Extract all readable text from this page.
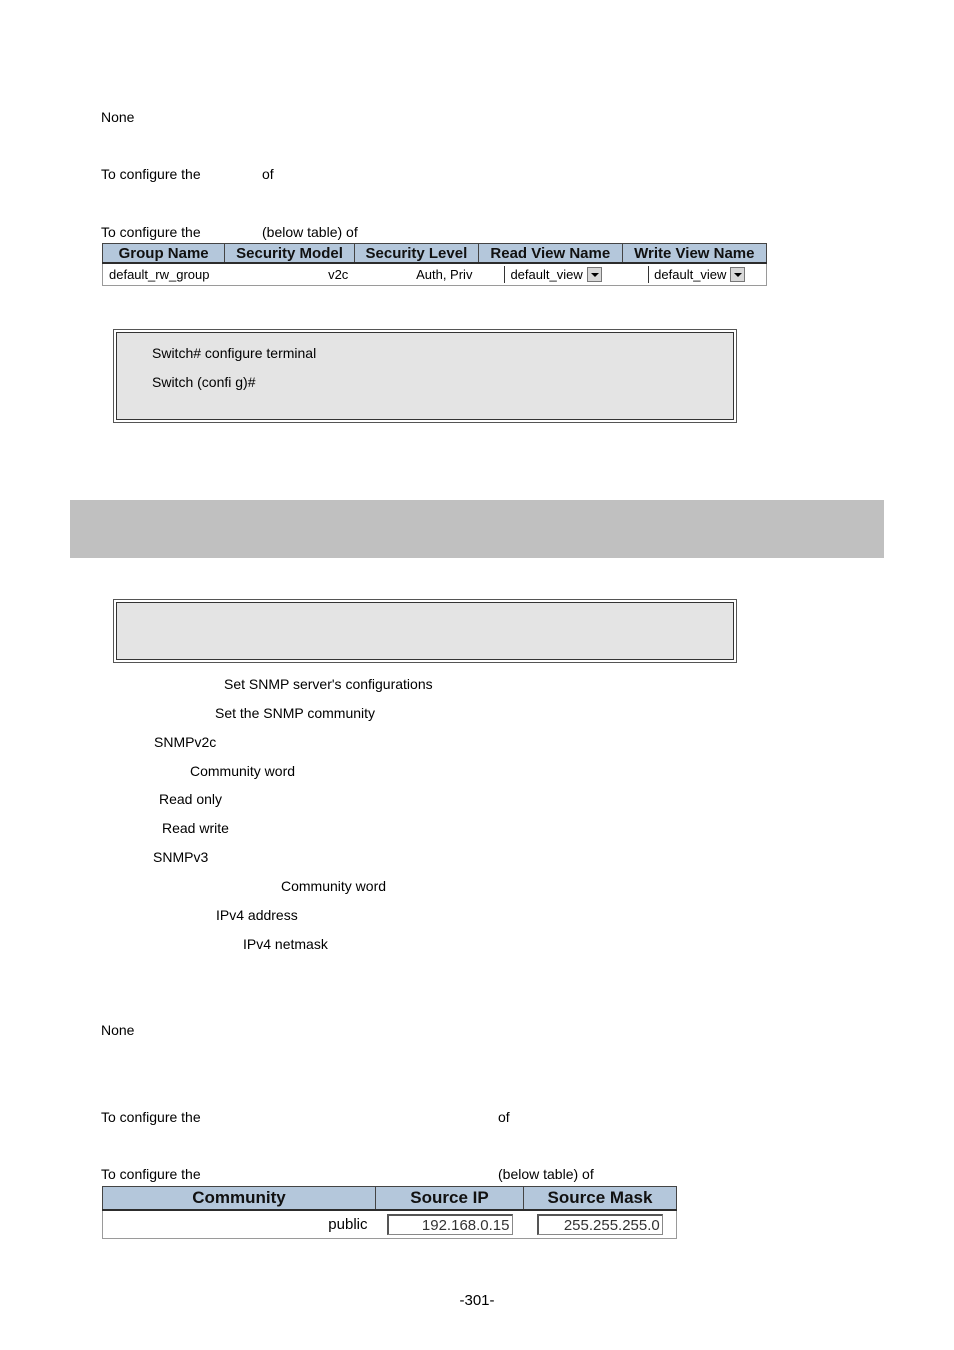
None
To configure the	of
To configure the	(below table) of
Group Name	Security Model	Security Level	Read View Name	Write View Name
default_rw_group	v2c	Auth, Priv	default_view	default_view
Switch# configure terminal
Switch (confi g)#
Set SNMP server's configurations
Set the SNMP community
SNMPv2c
Community word
Read only
Read write
SNMPv3
Community word
IPv4 address
IPv4 netmask
None
To configure the	of
To configure the	(below table) of
Community	Source IP	Source Mask
public	192.168.0.15	255.255.255.0
-301-
